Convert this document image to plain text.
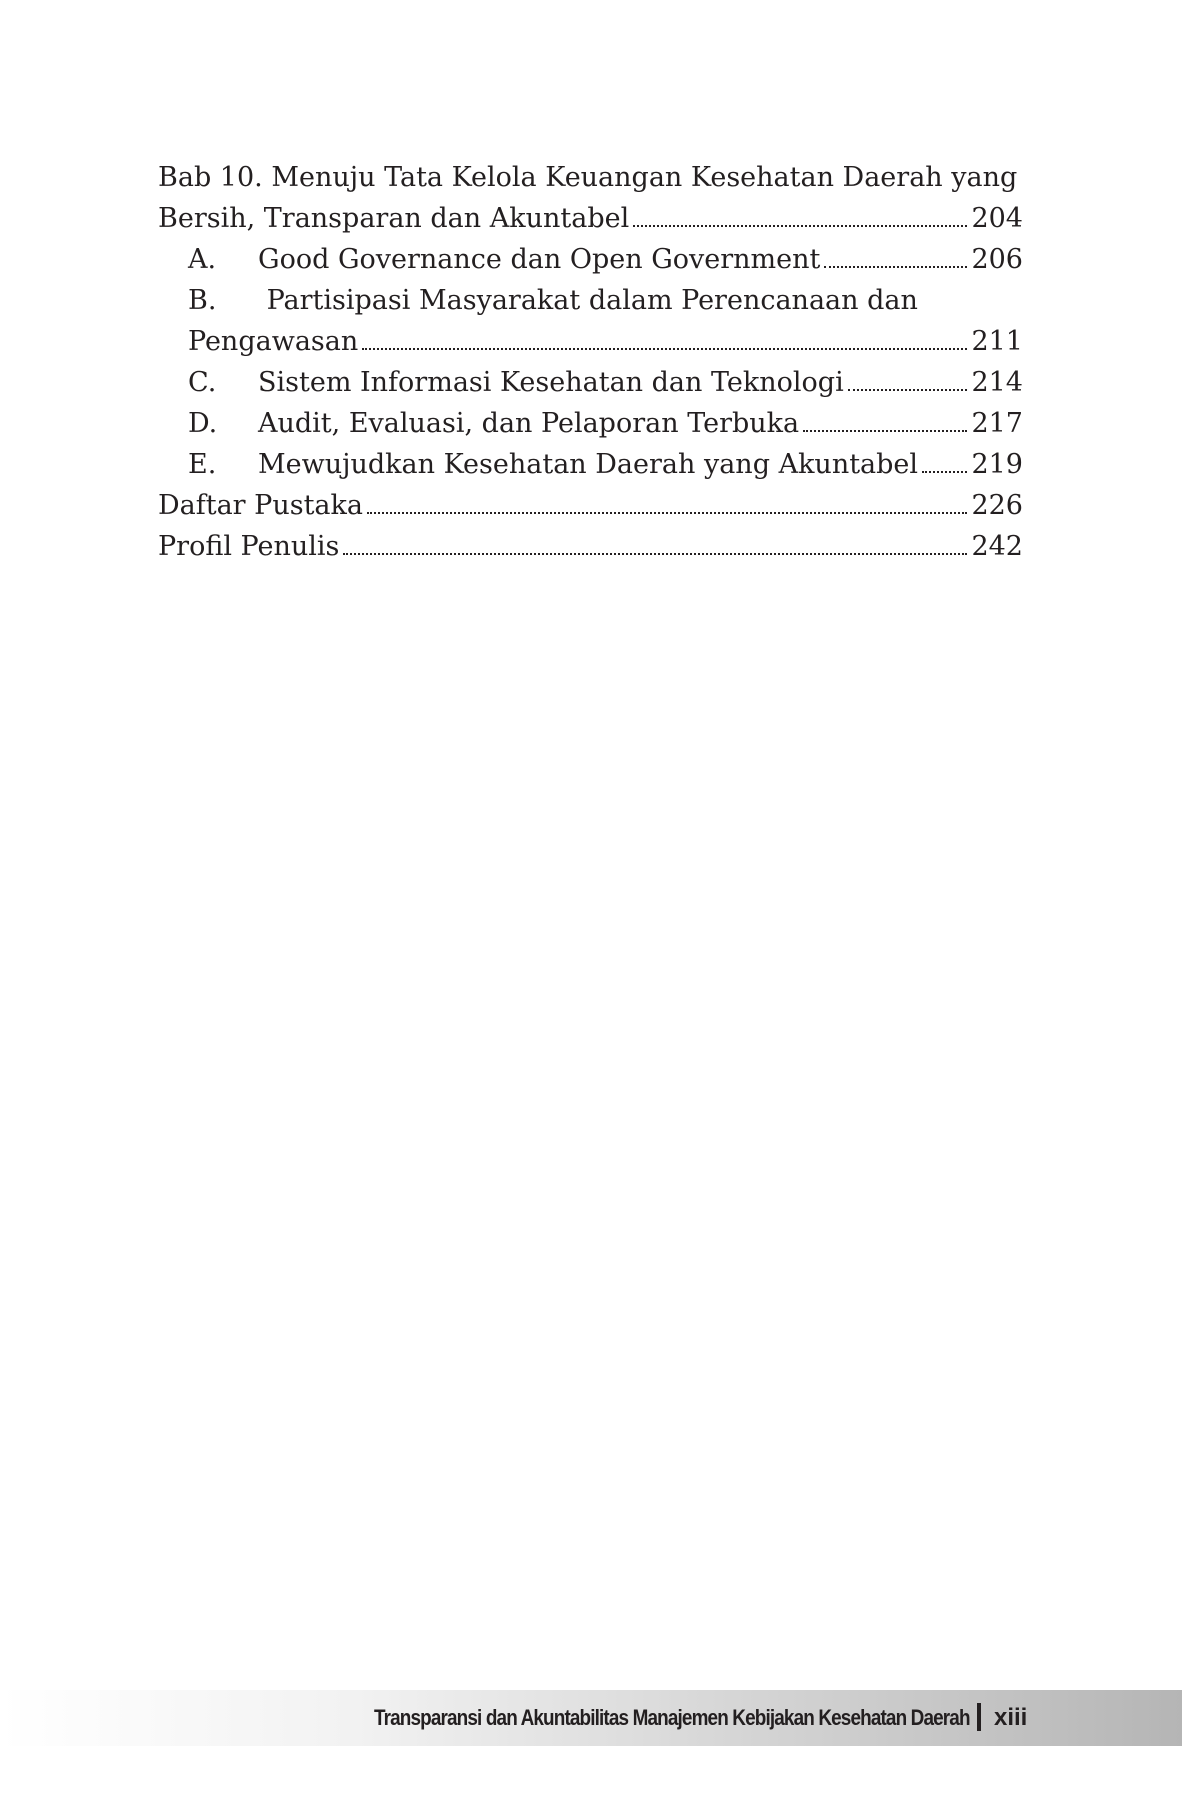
Bab 10. Menuju Tata Kelola Keuangan Kesehatan Daerah yang
Bersih, Transparan dan Akuntabel	204
A.	Good Governance dan Open Government	206
B. Partisipasi Masyarakat dalam Perencanaan dan
Pengawasan	211
C.	Sistem Informasi Kesehatan dan Teknologi	214
D.	Audit, Evaluasi, dan Pelaporan Terbuka	217
E.	Mewujudkan Kesehatan Daerah yang Akuntabel 219
Daftar Pustaka	226
Profil Penulis	242
Transparansi dan Akuntabilitas Manajemen Kebijakan Kesehatan Daerah xiii
